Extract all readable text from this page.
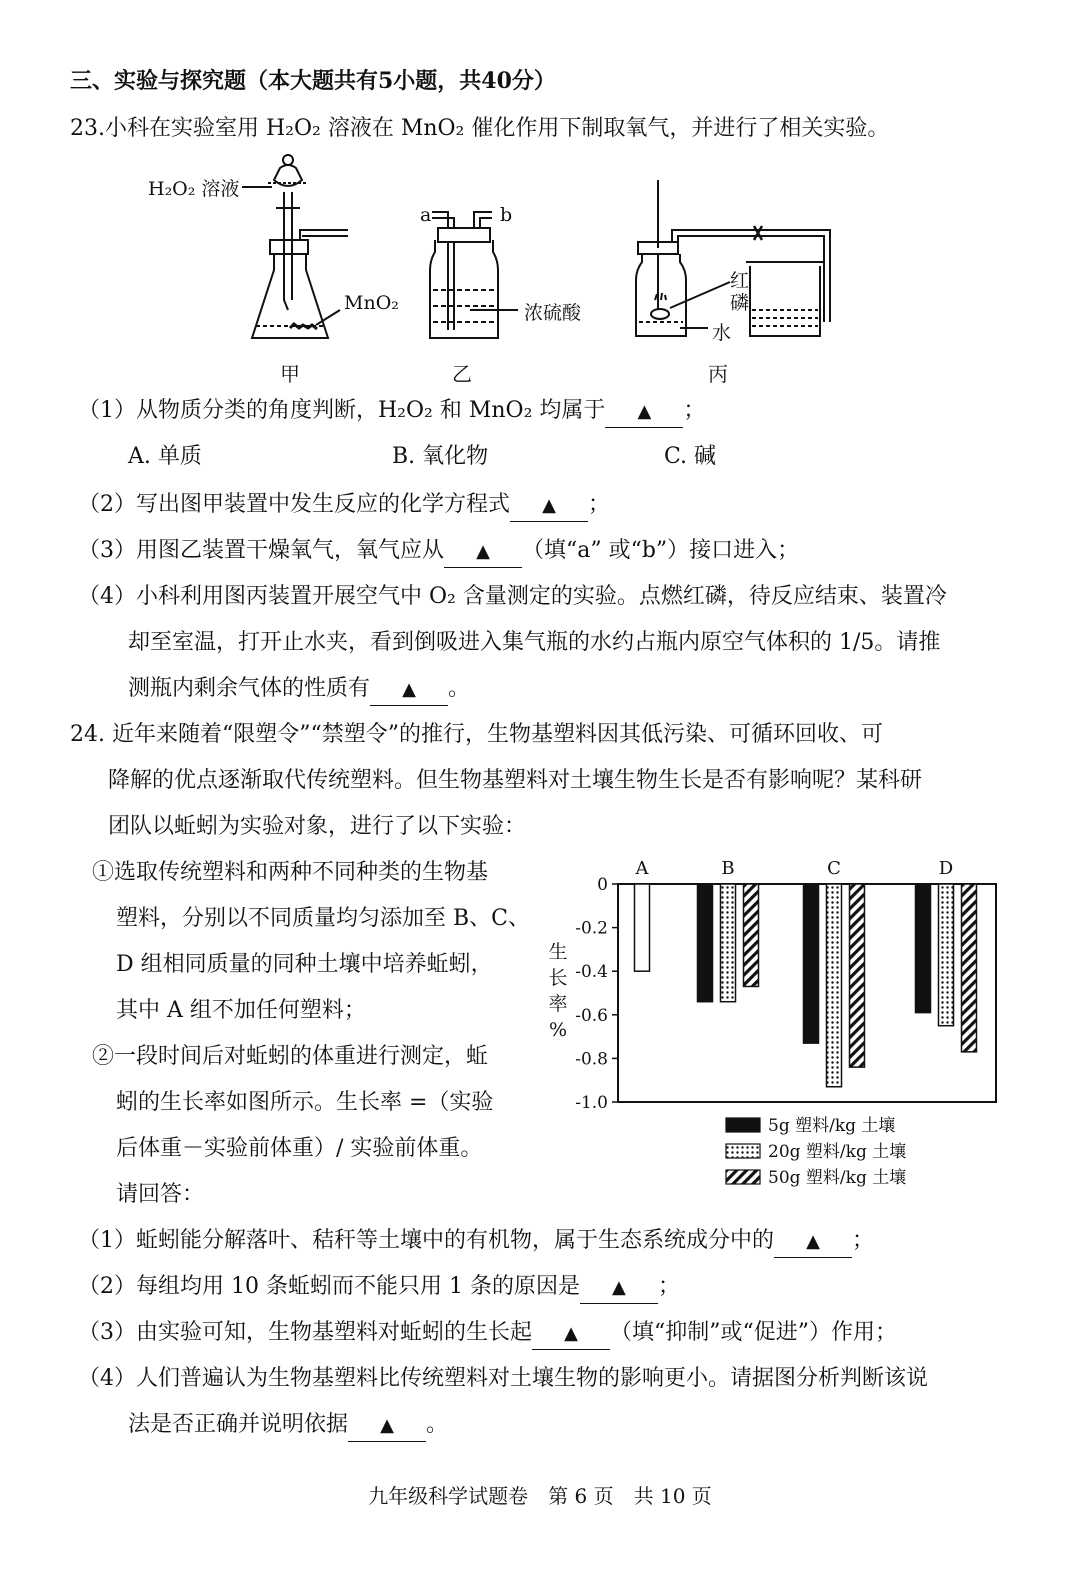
三、实验与探究题（本大题共有5小题，共40分）
23.小科在实验室用 H₂O₂ 溶液在 MnO₂ 催化作用下制取氧气，并进行了相关实验。
H₂O₂ 溶液
MnO₂
a	b
浓硫酸
红
磷
水
甲	乙	丙
（1）从物质分类的角度判断，H₂O₂ 和 MnO₂ 均属于 ▲ ；
A. 单质	B. 氧化物	C. 碱
（2）写出图甲装置中发生反应的化学方程式 ▲ ；
（3）用图乙装置干燥氧气，氧气应从 ▲ （填“a” 或“b”）接口进入；
（4）小科利用图丙装置开展空气中 O₂ 含量测定的实验。点燃红磷，待反应结束、装置冷
却至室温，打开止水夹，看到倒吸进入集气瓶的水约占瓶内原空气体积的 1/5。请推
测瓶内剩余气体的性质有 ▲ 。
24. 近年来随着“限塑令”“禁塑令”的推行，生物基塑料因其低污染、可循环回收、可
降解的优点逐渐取代传统塑料。但生物基塑料对土壤生物生长是否有影响呢？某科研
团队以蚯蚓为实验对象，进行了以下实验：
①选取传统塑料和两种不同种类的生物基
塑料，分别以不同质量均匀添加至 B、C、
D 组相同质量的同种土壤中培养蚯蚓，
其中 A 组不加任何塑料；
②一段时间后对蚯蚓的体重进行测定，蚯
蚓的生长率如图所示。生长率 =（实验
后体重－实验前体重）/ 实验前体重。
请回答：
0
-0.2
-0.4
-0.6
-0.8
-1.0
生
长
率
%
A	B	C	D
5g 塑料/kg 土壤
20g 塑料/kg 土壤
50g 塑料/kg 土壤
（1）蚯蚓能分解落叶、秸秆等土壤中的有机物，属于生态系统成分中的 ▲ ；
（2）每组均用 10 条蚯蚓而不能只用 1 条的原因是 ▲ ；
（3）由实验可知，生物基塑料对蚯蚓的生长起 ▲ （填“抑制”或“促进”）作用；
（4）人们普遍认为生物基塑料比传统塑料对土壤生物的影响更小。请据图分析判断该说
法是否正确并说明依据 ▲ 。
九年级科学试题卷　第 6 页　共 10 页
